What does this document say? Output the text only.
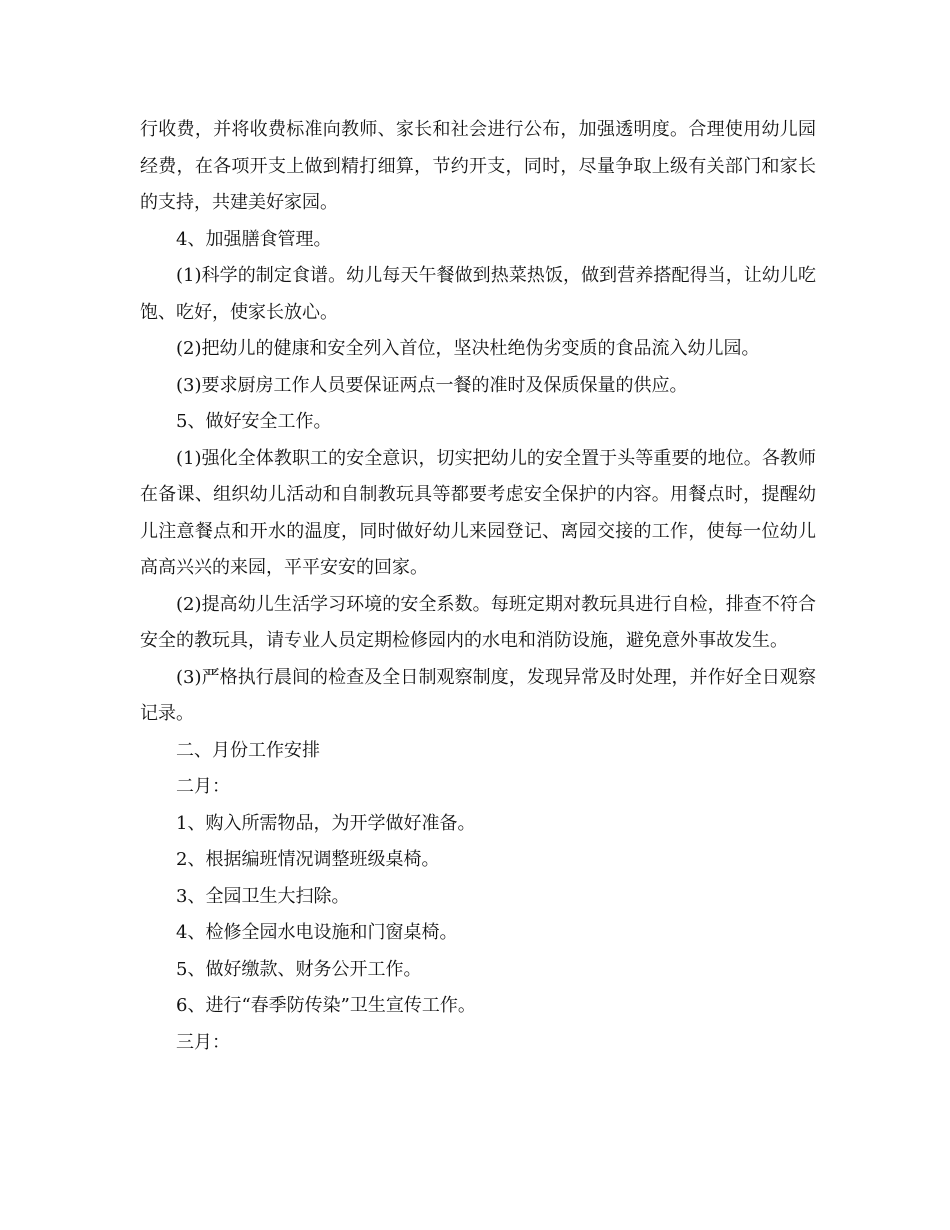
行收费，并将收费标准向教师、家长和社会进行公布，加强透明度。合理使用幼儿园经费，在各项开支上做到精打细算，节约开支，同时，尽量争取上级有关部门和家长的支持，共建美好家园。

4、加强膳食管理。

(1)科学的制定食谱。幼儿每天午餐做到热菜热饭，做到营养搭配得当，让幼儿吃饱、吃好，使家长放心。

(2)把幼儿的健康和安全列入首位，坚决杜绝伪劣变质的食品流入幼儿园。

(3)要求厨房工作人员要保证两点一餐的准时及保质保量的供应。

5、做好安全工作。

(1)强化全体教职工的安全意识，切实把幼儿的安全置于头等重要的地位。各教师在备课、组织幼儿活动和自制教玩具等都要考虑安全保护的内容。用餐点时，提醒幼儿注意餐点和开水的温度，同时做好幼儿来园登记、离园交接的工作，使每一位幼儿高高兴兴的来园，平平安安的回家。

(2)提高幼儿生活学习环境的安全系数。每班定期对教玩具进行自检，排查不符合安全的教玩具，请专业人员定期检修园内的水电和消防设施，避免意外事故发生。

(3)严格执行晨间的检查及全日制观察制度，发现异常及时处理，并作好全日观察记录。

二、月份工作安排

二月：

1、购入所需物品，为开学做好准备。

2、根据编班情况调整班级桌椅。

3、全园卫生大扫除。

4、检修全园水电设施和门窗桌椅。

5、做好缴款、财务公开工作。

6、进行“春季防传染”卫生宣传工作。

三月：
